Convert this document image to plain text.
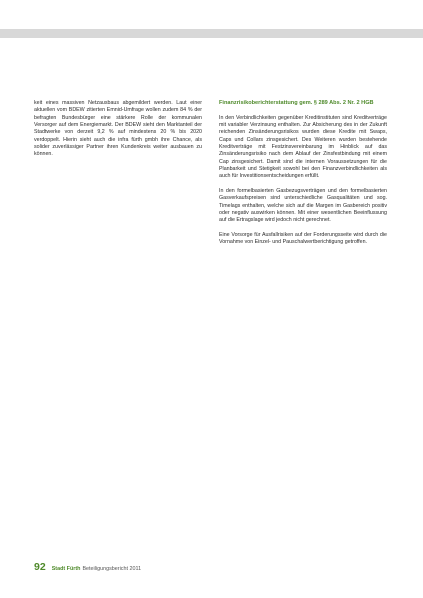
keit eines massiven Netzausbaus abgemildert werden. Laut einer aktuellen vom BDEW zitierten Emnid-Umfrage wollen zudem 84 % der befragten Bundesbürger eine stärkere Rolle der kommunalen Versorger auf dem Energiemarkt. Der BDEW sieht den Marktanteil der Stadtwerke von derzeit 9,2 % auf mindestens 20 % bis 2020 verdoppelt. Hierin sieht auch die infra fürth gmbh ihre Chance, als solider zuverlässiger Partner ihren Kundenkreis weiter ausbauen zu können.

Finanzrisikoberichterstattung gem. § 289 Abs. 2 Nr. 2 HGB

In den Verbindlichkeiten gegenüber Kreditinstituten sind Kreditverträge mit variabler Verzinsung enthalten. Zur Absicherung des in der Zukunft reichenden Zinsänderungsrisikos wurden diese Kredite mit Swaps, Caps und Collars zinsgesichert. Des Weiteren wurden bestehende Kreditverträge mit Festzinsvereinbarung im Hinblick auf das Zinsänderungsrisiko nach dem Ablauf der Zinsfestbindung mit einem Cap zinsgesichert. Damit sind die internen Voraussetzungen für die Planbarkeit und Stetigkeit sowohl bei den Finanzverbindlichkeiten als auch für Investitionsentscheidungen erfüllt.

In den formelbasierten Gasbezugsverträgen und den formelbasierten Gasverkaufspreisen sind unterschiedliche Gasqualitäten und sog. Timelags enthalten, welche sich auf die Margen im Gasbereich positiv oder negativ auswirken können. Mit einer wesentlichen Beeinflussung auf die Ertragslage wird jedoch nicht gerechnet.

Eine Vorsorge für Ausfallrisiken auf der Forderungsseite wird durch die Vornahme von Einzel- und Pauschalwertberichtigung getroffen.

92 Stadt Fürth Beteiligungsbericht 2011
